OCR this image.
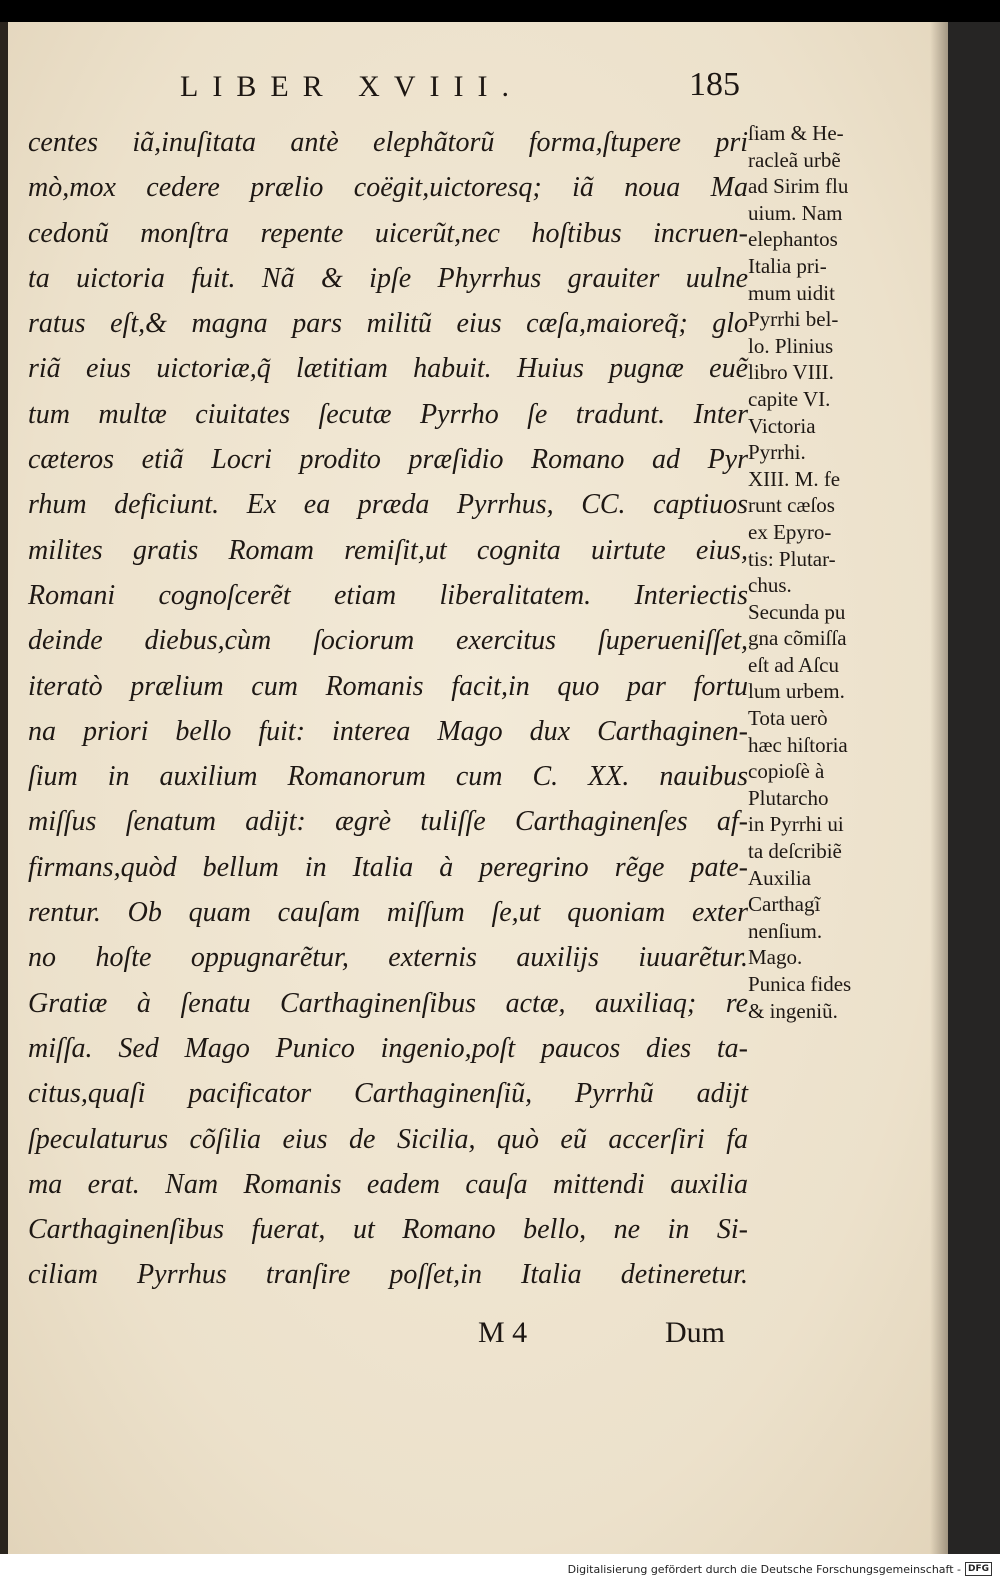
LIBER XVIII.	185
centes iã,inuſitata antè elephãtorũ forma,ſtupere pri
mò,mox cedere prælio coëgit,uictoresq; iã noua Ma
cedonũ monſtra repente uicerũt,nec hoſtibus incruen-
ta uictoria fuit. Nã & ipſe Phyrrhus grauiter uulne
ratus eſt,& magna pars militũ eius cæſa,maioreq̃; glo
riã eius uictoriæ,q̃ lætitiam habuit. Huius pugnæ euẽ
tum multæ ciuitates ſecutæ Pyrrho ſe tradunt. Inter
cæteros etiã Locri prodito præſidio Romano ad Pyr
rhum deficiunt. Ex ea præda Pyrrhus, CC. captiuos
milites gratis Romam remiſit,ut cognita uirtute eius,
Romani cognoſcerẽt etiam liberalitatem. Interiectis
deinde diebus,cùm ſociorum exercitus ſuperueniſſet,
iteratò prælium cum Romanis facit,in quo par fortu
na priori bello fuit: interea Mago dux Carthaginen-
ſium in auxilium Romanorum cum C. XX. nauibus
miſſus ſenatum adijt: ægrè tuliſſe Carthaginenſes af-
firmans,quòd bellum in Italia à peregrino rẽge pate-
rentur. Ob quam cauſam miſſum ſe,ut quoniam exter
no hoſte oppugnarẽtur, externis auxilijs iuuarẽtur.
Gratiæ à ſenatu Carthaginenſibus actæ, auxiliaq; re
miſſa. Sed Mago Punico ingenio,poſt paucos dies ta-
citus,quaſi pacificator Carthaginenſiũ, Pyrrhũ adijt
ſpeculaturus cõſilia eius de Sicilia, quò eũ accerſiri fa
ma erat. Nam Romanis eadem cauſa mittendi auxilia
Carthaginenſibus fuerat, ut Romano bello, ne in Si-
ciliam Pyrrhus tranſire poſſet,in Italia detineretur.
ſiam & He-
racleã urbẽ
ad Sirim flu
uium. Nam
elephantos
Italia pri-
mum uidit
Pyrrhi bel-
lo. Plinius
libro VIII.
capite VI.
Victoria
Pyrrhi.
XIII. M. fe
runt cæſos
ex Epyro-
tis: Plutar-
chus.
Secunda pu
gna cõmiſſa
eſt ad Aſcu
lum urbem.
Tota uerò
hæc hiſtoria
copioſè à
Plutarcho
in Pyrrhi ui
ta deſcribiẽ
Auxilia
Carthagĩ
nenſium.
Mago.
Punica fides
& ingeniũ.
M 4	Dum
Digitalisierung gefördert durch die Deutsche Forschungsgemeinschaft - DFG
